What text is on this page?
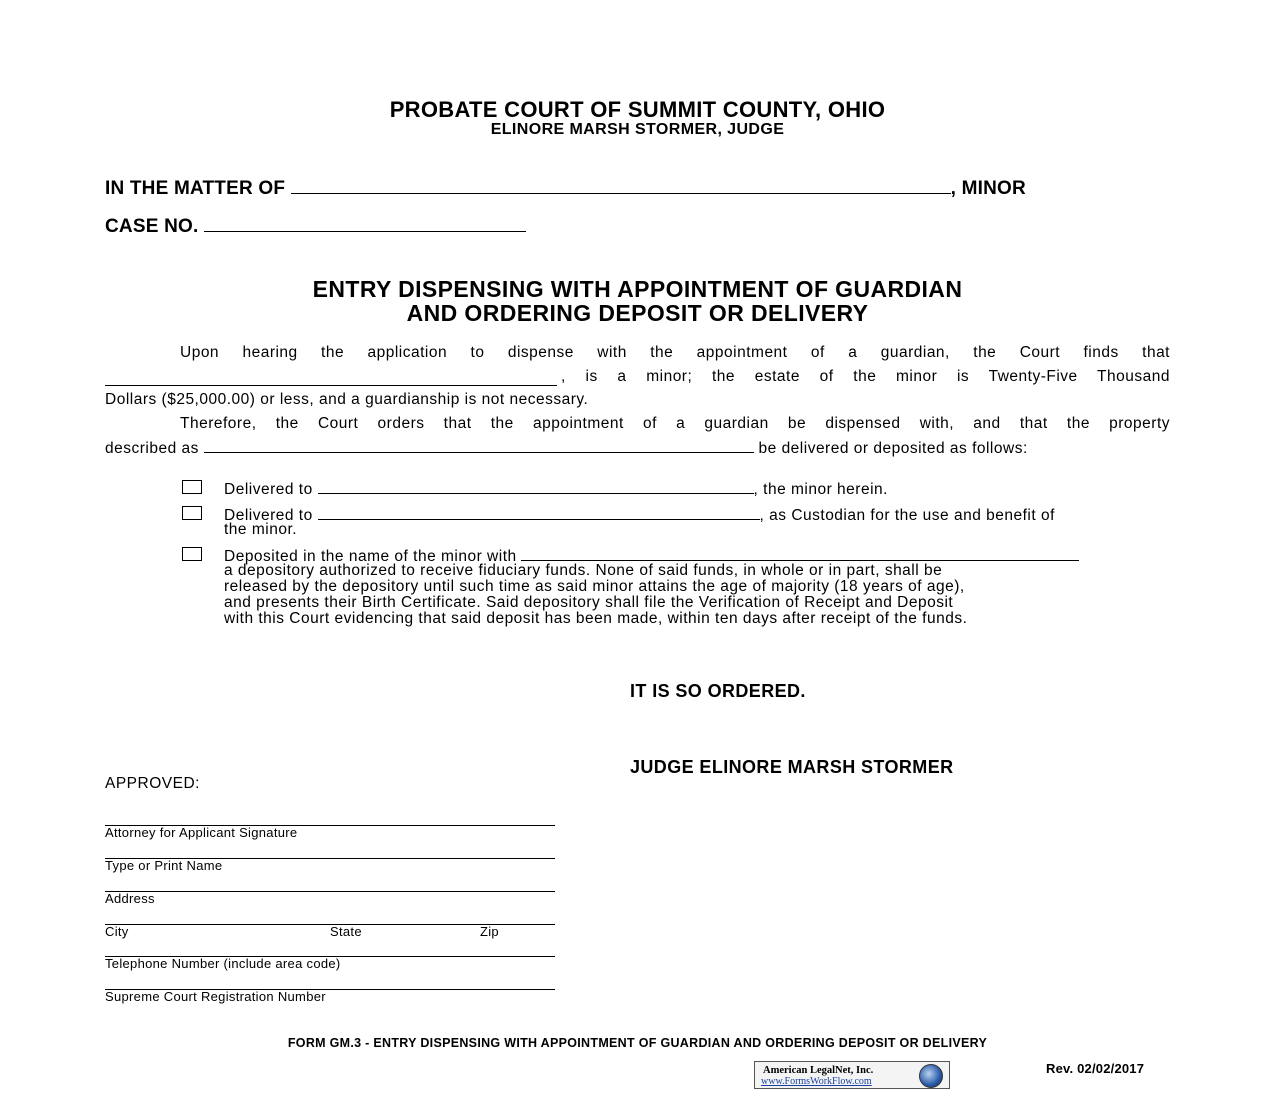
PROBATE COURT OF SUMMIT COUNTY, OHIO
ELINORE MARSH STORMER, JUDGE
IN THE MATTER OF	, MINOR
CASE NO.
ENTRY DISPENSING WITH APPOINTMENT OF GUARDIAN
AND ORDERING DEPOSIT OR DELIVERY
Upon hearing the application to dispense with the appointment of a guardian, the Court finds that
, is a minor; the estate of the minor is Twenty-Five Thousand
Dollars ($25,000.00) or less, and a guardianship is not necessary.
Therefore, the Court orders that the appointment of a guardian be dispensed with, and that the property
described as	be delivered or deposited as follows:
Delivered to	, the minor herein.
Delivered to	, as Custodian for the use and benefit of
the minor.
Deposited in the name of the minor with
a depository authorized to receive fiduciary funds. None of said funds, in whole or in part, shall be
released by the depository until such time as said minor attains the age of majority (18 years of age),
and presents their Birth Certificate. Said depository shall file the Verification of Receipt and Deposit
with this Court evidencing that said deposit has been made, within ten days after receipt of the funds.
IT IS SO ORDERED.
JUDGE ELINORE MARSH STORMER
APPROVED:
Attorney for Applicant Signature
Type or Print Name
Address
City	State	Zip
Telephone Number (include area code)
Supreme Court Registration Number
FORM GM.3 - ENTRY DISPENSING WITH APPOINTMENT OF GUARDIAN AND ORDERING DEPOSIT OR DELIVERY
American LegalNet, Inc.
www.FormsWorkFlow.com
Rev. 02/02/2017
